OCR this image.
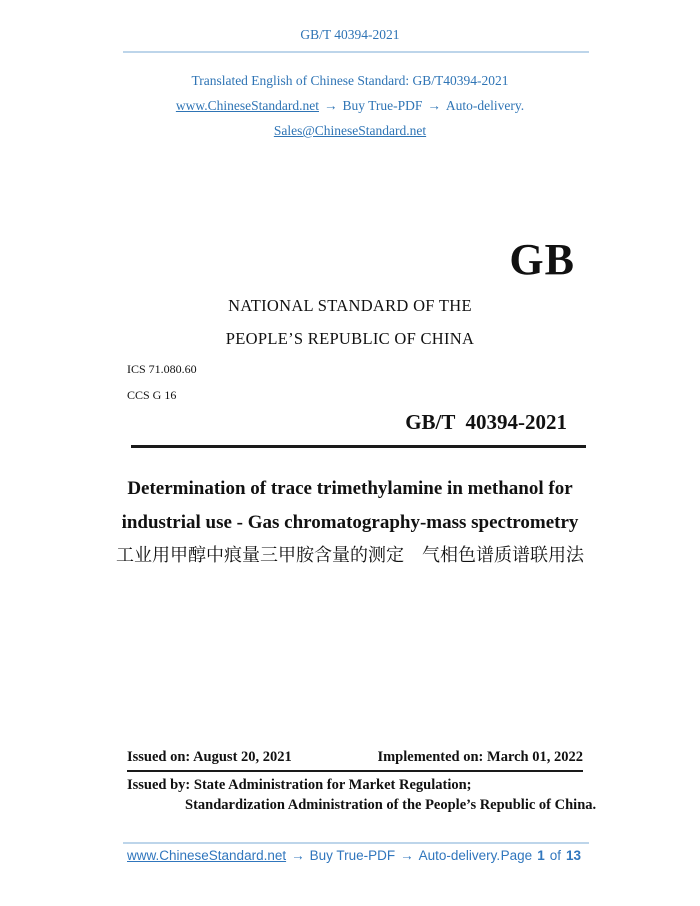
GB/T 40394-2021
Translated English of Chinese Standard: GB/T40394-2021
www.ChineseStandard.net → Buy True-PDF → Auto-delivery.
Sales@ChineseStandard.net
GB
NATIONAL STANDARD OF THE
PEOPLE’S REPUBLIC OF CHINA
ICS 71.080.60
CCS G 16
GB/T  40394-2021
Determination of trace trimethylamine in methanol for
industrial use - Gas chromatography-mass spectrometry
工业用甲醇中痕量三甲胺含量的测定　气相色谱质谱联用法
Issued on: August 20, 2021	Implemented on: March 01, 2022
Issued by: State Administration for Market Regulation;
Standardization Administration of the People’s Republic of China.
www.ChineseStandard.net → Buy True-PDF → Auto-delivery. Page 1 of 13
